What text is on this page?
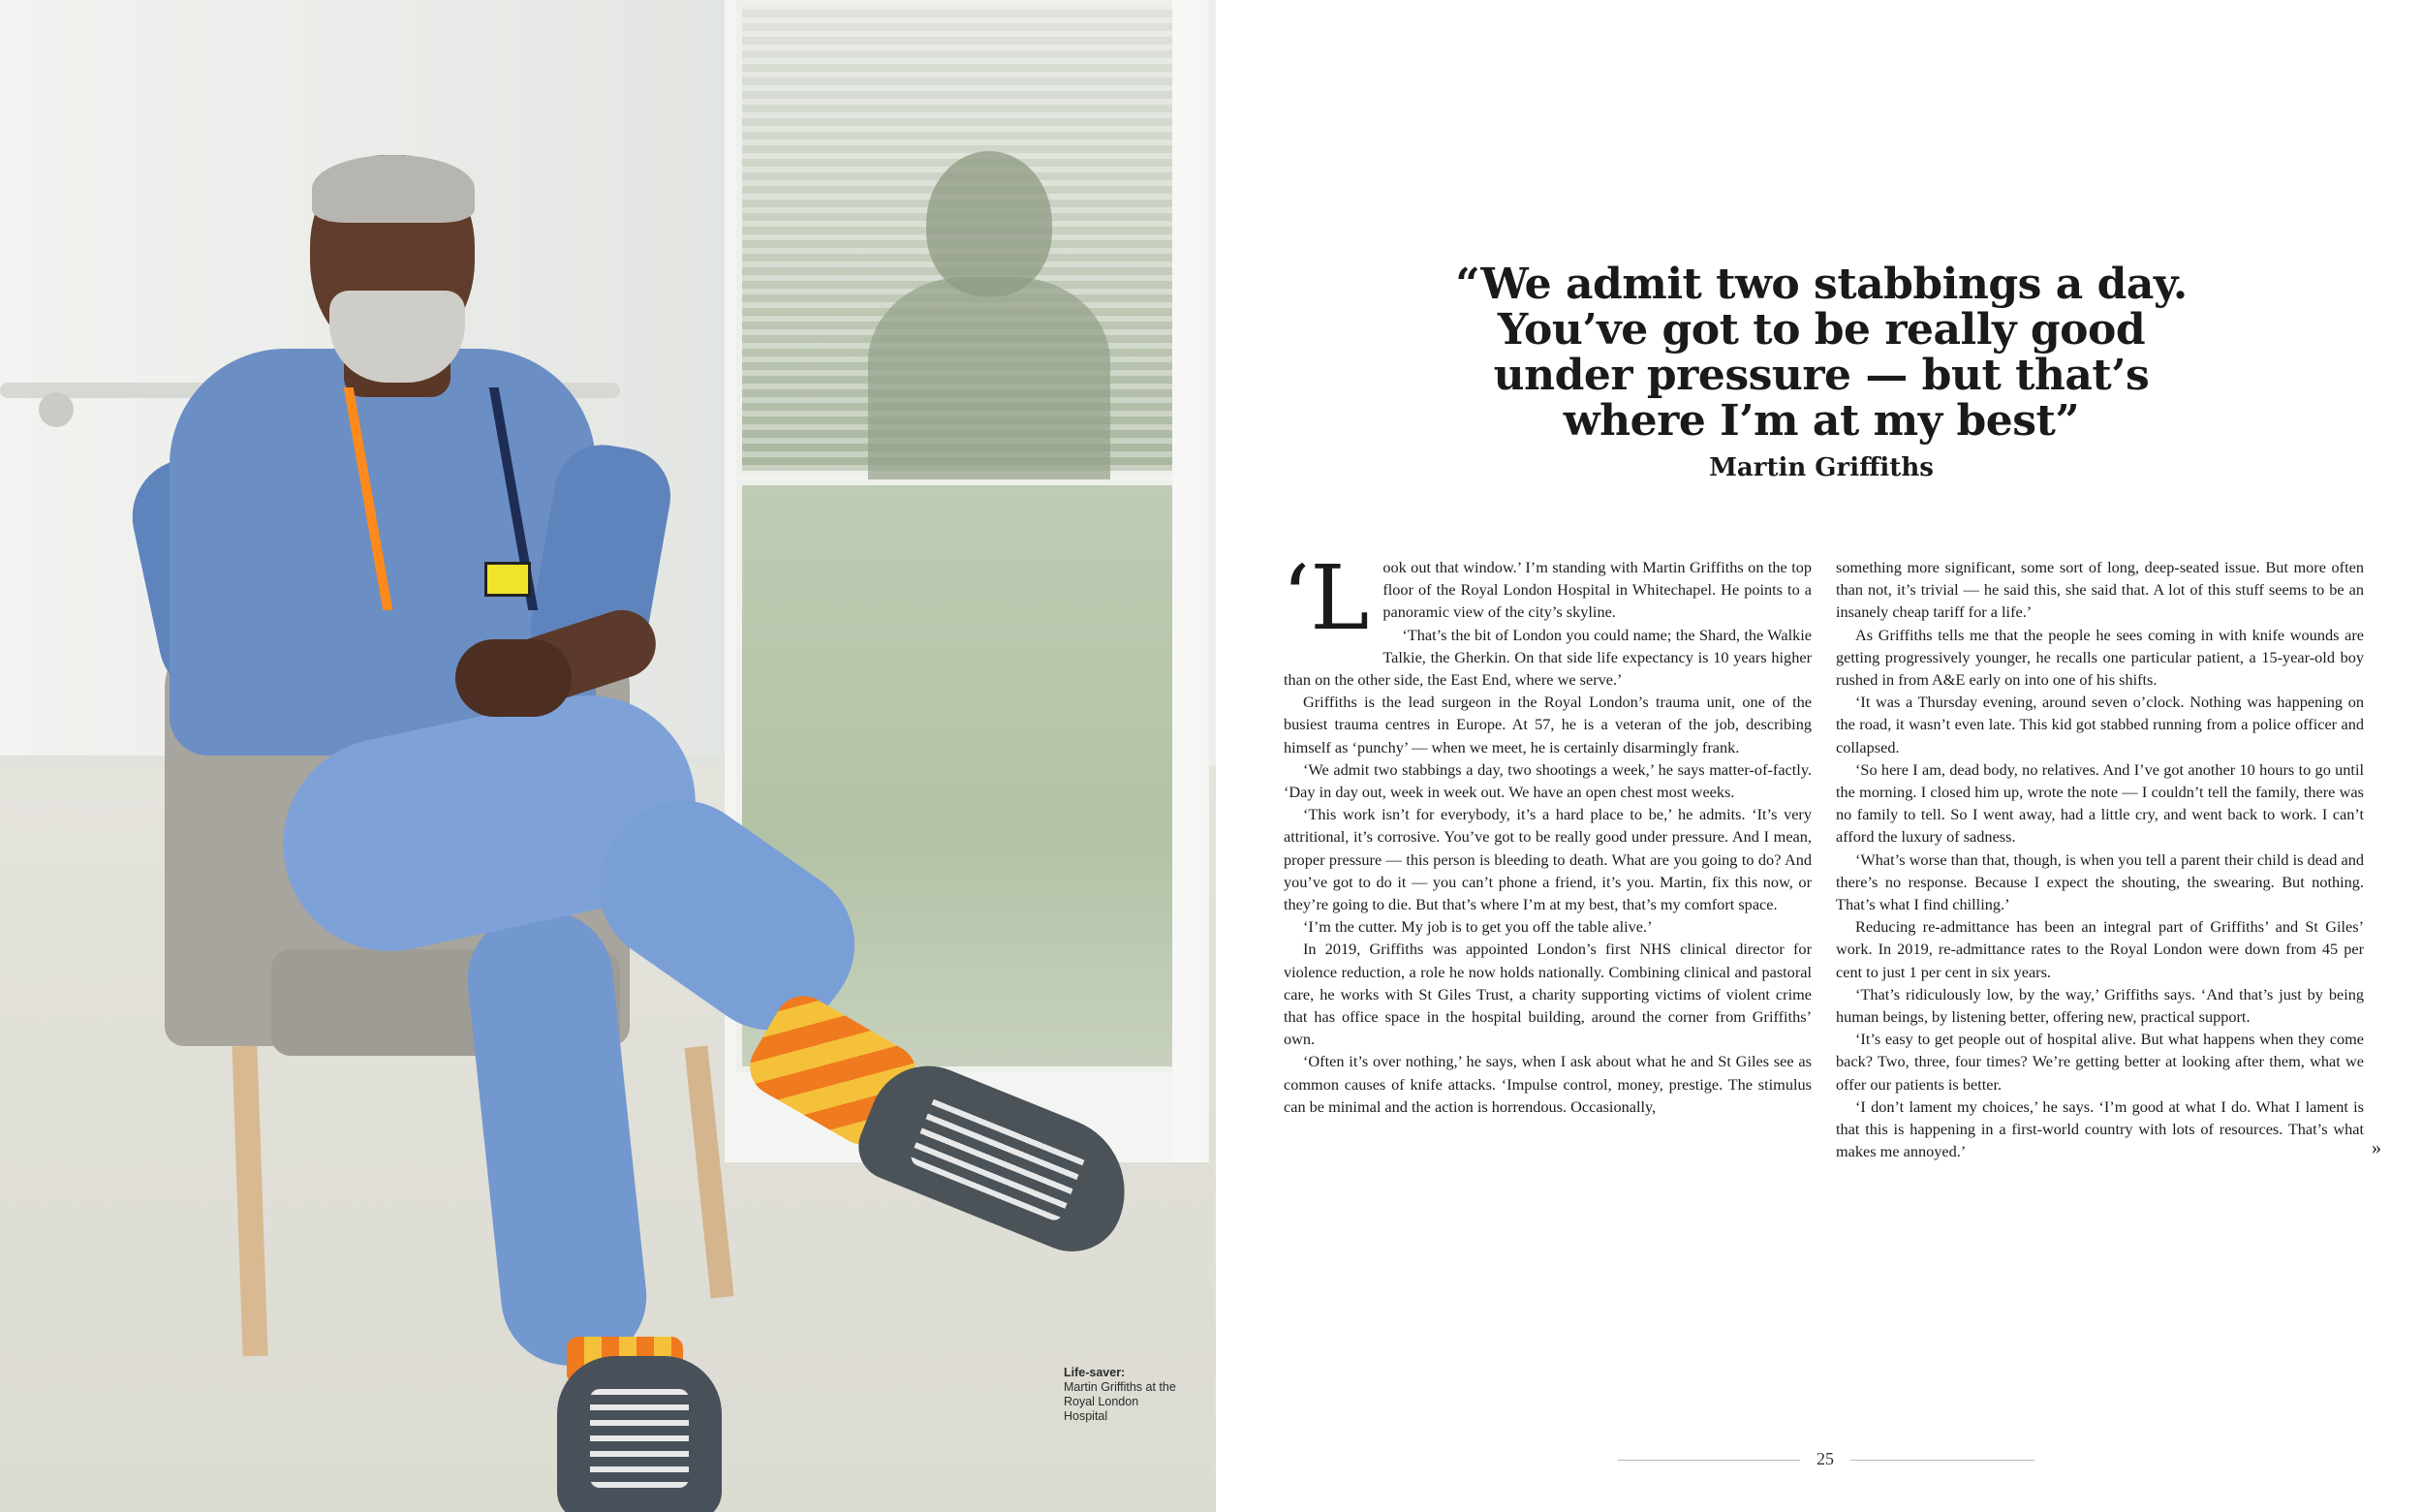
Life-saver:
Martin Griffiths at the Royal London Hospital
“We admit two stabbings a day.
You’ve got to be really good
under pressure — but that’s
where I’m at my best”
Martin Griffiths
‘L ook out that window.’ I’m standing with Martin Griffiths on the top floor of the Royal London Hospital in Whitechapel. He points to a panoramic view of the city’s skyline.

‘That’s the bit of London you could name; the Shard, the Walkie Talkie, the Gherkin. On that side life expectancy is 10 years higher than on the other side, the East End, where we serve.’

Griffiths is the lead surgeon in the Royal London’s trauma unit, one of the busiest trauma centres in Europe. At 57, he is a veteran of the job, describing himself as ‘punchy’ — when we meet, he is certainly disarmingly frank.

‘We admit two stabbings a day, two shootings a week,’ he says matter-of-factly. ‘Day in day out, week in week out. We have an open chest most weeks.

‘This work isn’t for everybody, it’s a hard place to be,’ he admits. ‘It’s very attritional, it’s corrosive. You’ve got to be really good under pressure. And I mean, proper pressure — this person is bleeding to death. What are you going to do? And you’ve got to do it — you can’t phone a friend, it’s you. Martin, fix this now, or they’re going to die. But that’s where I’m at my best, that’s my comfort space.

‘I’m the cutter. My job is to get you off the table alive.’

In 2019, Griffiths was appointed London’s first NHS clinical director for violence reduction, a role he now holds nationally. Combining clinical and pastoral care, he works with St Giles Trust, a charity supporting victims of violent crime that has office space in the hospital building, around the corner from Griffiths’ own.

‘Often it’s over nothing,’ he says, when I ask about what he and St Giles see as common causes of knife attacks. ‘Impulse control, money, prestige. The stimulus can be minimal and the action is horrendous. Occasionally,

something more significant, some sort of long, deep-seated issue. But more often than not, it’s trivial — he said this, she said that. A lot of this stuff seems to be an insanely cheap tariff for a life.’

As Griffiths tells me that the people he sees coming in with knife wounds are getting progressively younger, he recalls one particular patient, a 15-year-old boy rushed in from A&E early on into one of his shifts.

‘It was a Thursday evening, around seven o’clock. Nothing was happening on the road, it wasn’t even late. This kid got stabbed running from a police officer and collapsed.

‘So here I am, dead body, no relatives. And I’ve got another 10 hours to go until the morning. I closed him up, wrote the note — I couldn’t tell the family, there was no family to tell. So I went away, had a little cry, and went back to work. I can’t afford the luxury of sadness.

‘What’s worse than that, though, is when you tell a parent their child is dead and there’s no response. Because I expect the shouting, the swearing. But nothing. That’s what I find chilling.’

Reducing re-admittance has been an integral part of Griffiths’ and St Giles’ work. In 2019, re-admittance rates to the Royal London were down from 45 per cent to just 1 per cent in six years.

‘That’s ridiculously low, by the way,’ Griffiths says. ‘And that’s just by being human beings, by listening better, offering new, practical support.

‘It’s easy to get people out of hospital alive. But what happens when they come back? Two, three, four times? We’re getting better at looking after them, what we offer our patients is better.

‘I don’t lament my choices,’ he says. ‘I’m good at what I do. What I lament is that this is happening in a first-world country with lots of resources. That’s what makes me annoyed.’	»
25
